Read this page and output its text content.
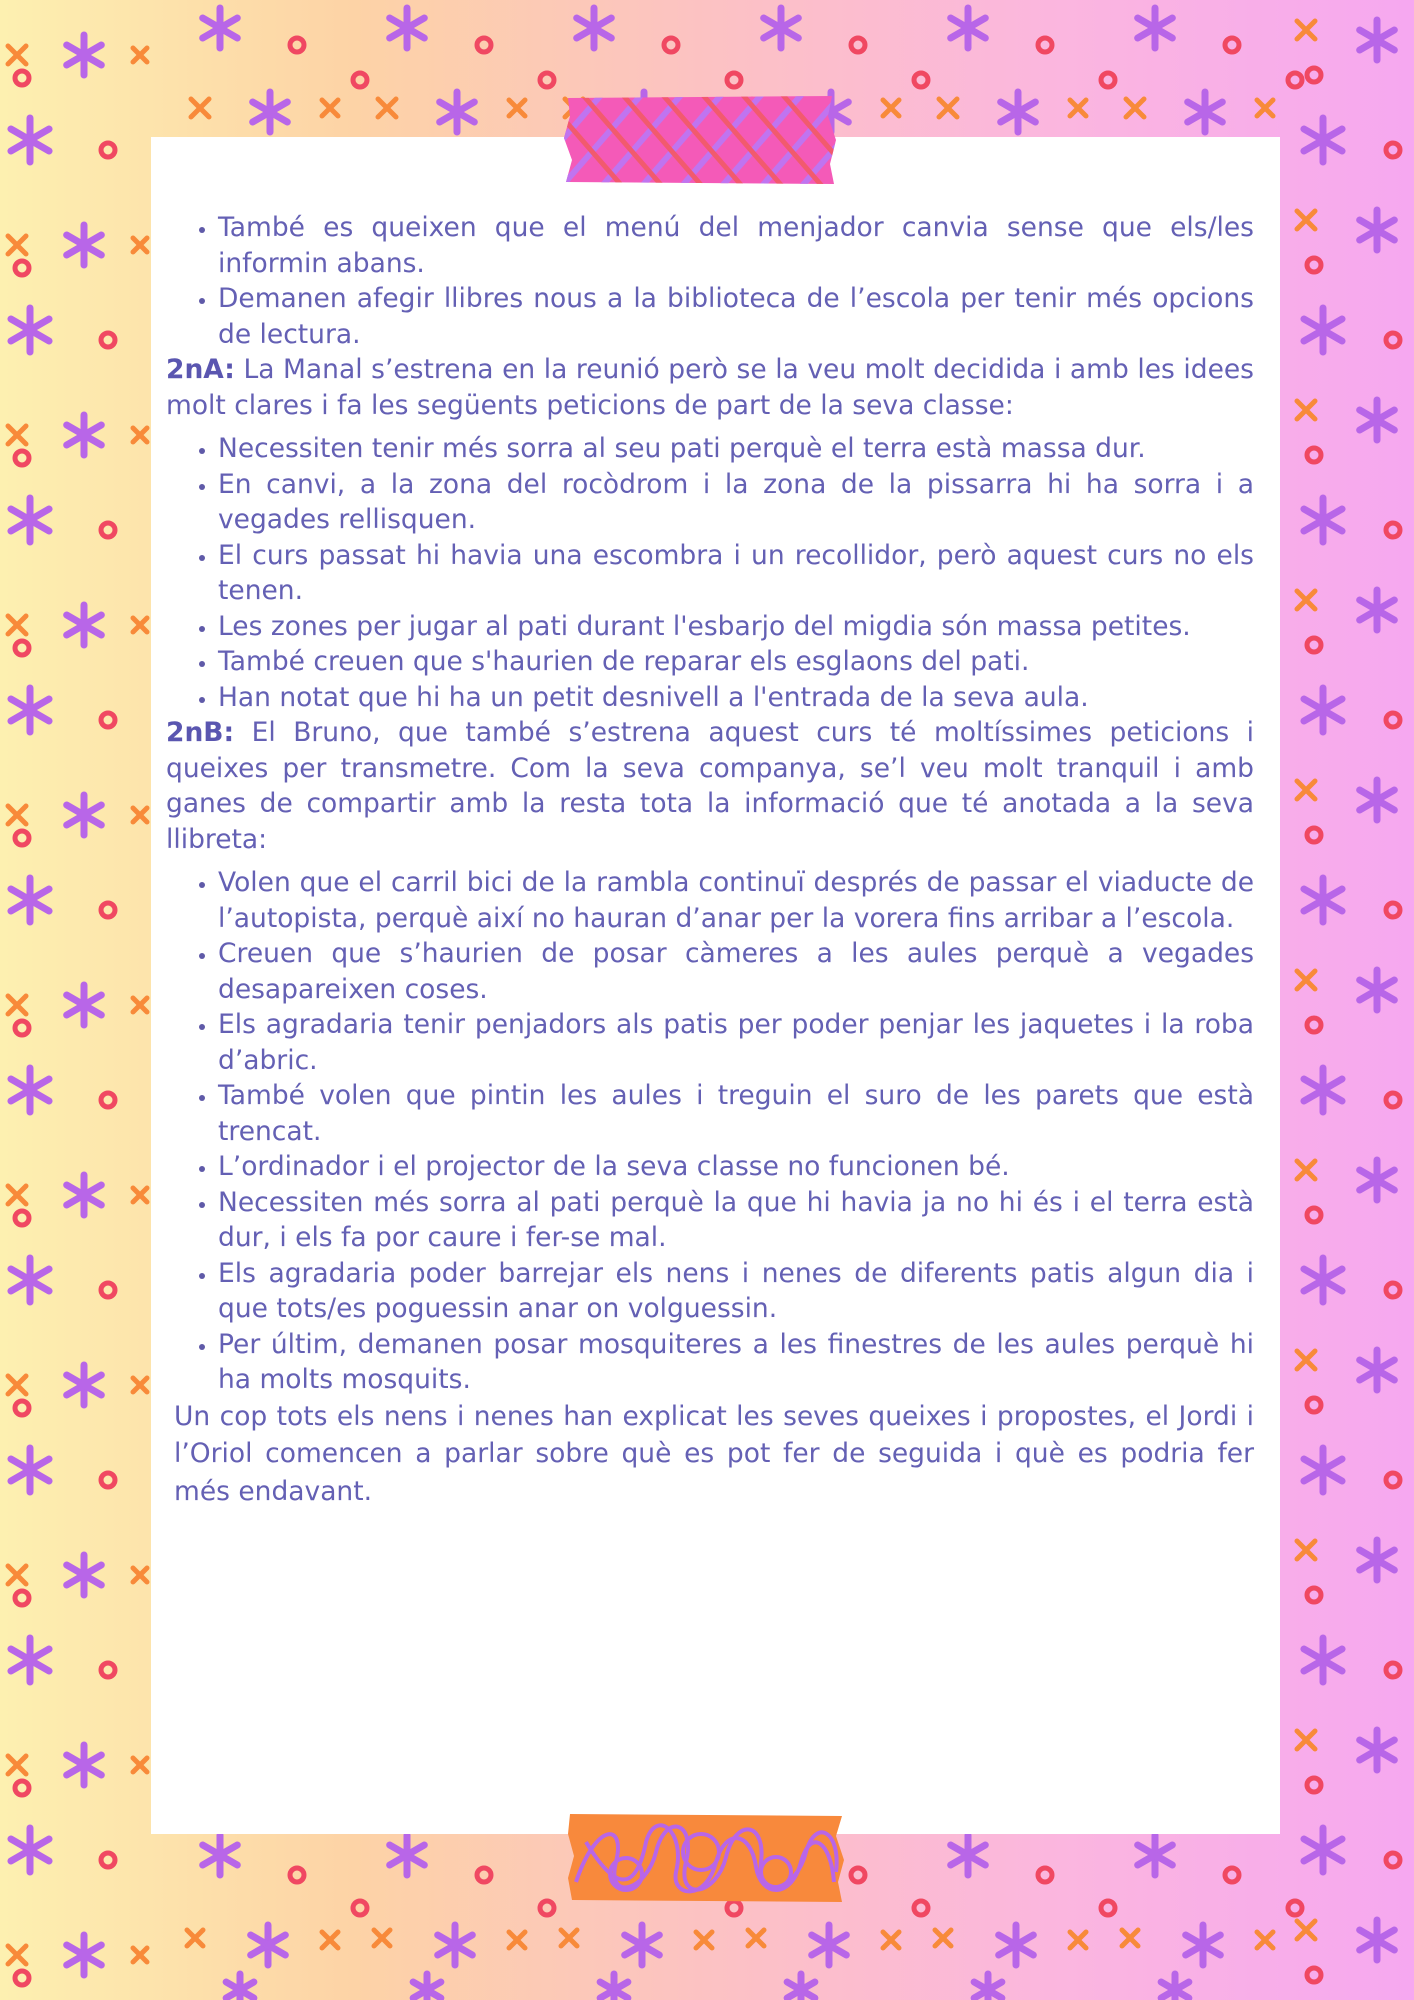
• També es queixen que el menú del menjador canvia sense que els/les informin abans.
• Demanen afegir llibres nous a la biblioteca de l’escola per tenir més opcions de lectura.

2nA: La Manal s’estrena en la reunió però se la veu molt decidida i amb les idees molt clares i fa les següents peticions de part de la seva classe:

• Necessiten tenir més sorra al seu pati perquè el terra està massa dur.
• En canvi, a la zona del rocòdrom i la zona de la pissarra hi ha sorra i a vegades rellisquen.
• El curs passat hi havia una escombra i un recollidor, però aquest curs no els tenen.
• Les zones per jugar al pati durant l'esbarjo del migdia són massa petites.
• També creuen que s'haurien de reparar els esglaons del pati.
• Han notat que hi ha un petit desnivell a l'entrada de la seva aula.

2nB: El Bruno, que també s’estrena aquest curs té moltíssimes peticions i queixes per transmetre. Com la seva companya, se’l veu molt tranquil i amb ganes de compartir amb la resta tota la informació que té anotada a la seva llibreta:

• Volen que el carril bici de la rambla continuï després de passar el viaducte de l’autopista, perquè així no hauran d’anar per la vorera fins arribar a l’escola.
• Creuen que s’haurien de posar càmeres a les aules perquè a vegades desapareixen coses.
• Els agradaria tenir penjadors als patis per poder penjar les jaquetes i la roba d’abric.
• També volen que pintin les aules i treguin el suro de les parets que està trencat.
• L’ordinador i el projector de la seva classe no funcionen bé.
• Necessiten més sorra al pati perquè la que hi havia ja no hi és i el terra està dur, i els fa por caure i fer-se mal.
• Els agradaria poder barrejar els nens i nenes de diferents patis algun dia i que tots/es poguessin anar on volguessin.
• Per últim, demanen posar mosquiteres a les finestres de les aules perquè hi ha molts mosquits.

Un cop tots els nens i nenes han explicat les seves queixes i propostes, el Jordi i l’Oriol comencen a parlar sobre què es pot fer de seguida i què es podria fer més endavant.
